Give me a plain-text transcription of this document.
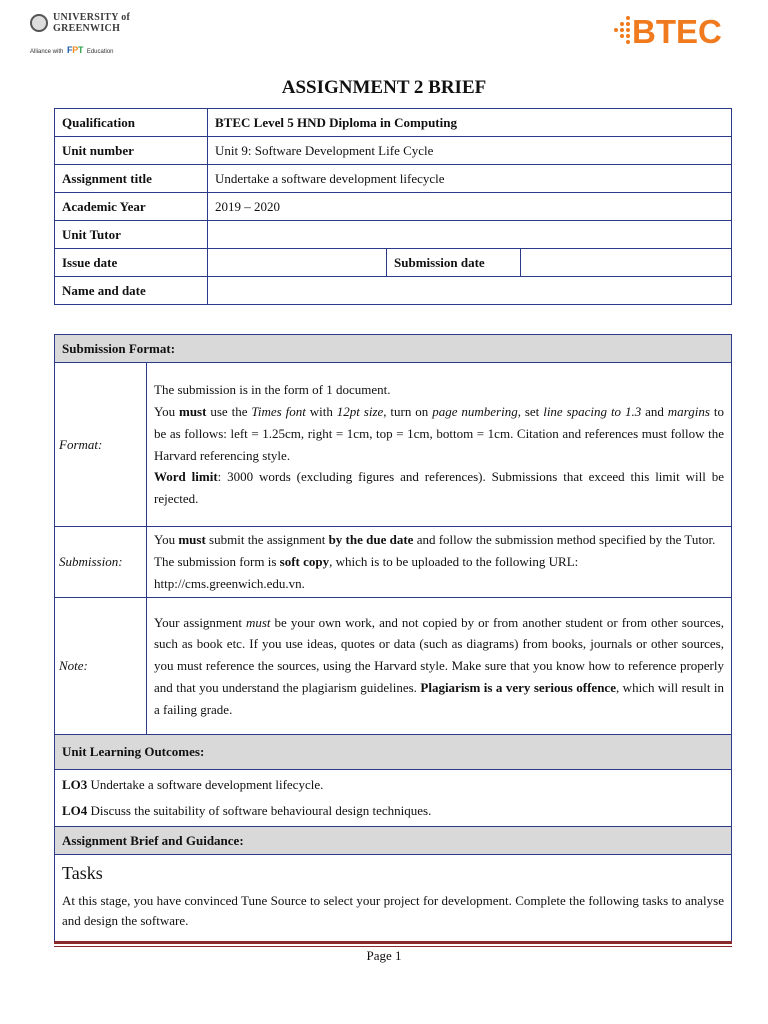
UNIVERSITY of
GREENWICH
Alliance with FPT Education
BTEC
ASSIGNMENT 2 BRIEF
Qualification	BTEC Level 5 HND Diploma in Computing		
Unit number	Unit 9: Software Development Life Cycle		
Assignment title	Undertake a software development lifecycle		
Academic Year	2019 – 2020		
Unit Tutor			
Issue date		Submission date	
Name and date			
Submission Format:	
Format:	The submission is in the form of 1 document.
You must use the Times font with 12pt size, turn on page numbering, set line spacing to 1.3 and margins to be as follows: left = 1.25cm, right = 1cm, top = 1cm, bottom = 1cm. Citation and references must follow the Harvard referencing style.
Word limit: 3000 words (excluding figures and references). Submissions that exceed this limit will be rejected.
Submission:	You must submit the assignment by the due date and follow the submission method specified by the Tutor. The submission form is soft copy, which is to be uploaded to the following URL: http://cms.greenwich.edu.vn.
Note:	Your assignment must be your own work, and not copied by or from another student or from other sources, such as book etc. If you use ideas, quotes or data (such as diagrams) from books, journals or other sources, you must reference the sources, using the Harvard style. Make sure that you know how to reference properly and that you understand the plagiarism guidelines. Plagiarism is a very serious offence, which will result in a failing grade.
Unit Learning Outcomes:	

LO3 Undertake a software development lifecycle.

LO4 Discuss the suitability of software behavioural design techniques.	

Assignment Brief and Guidance:	

Tasks

At this stage, you have convinced Tune Source to select your project for development. Complete the following tasks to analyse and design the software.	

Page 1
